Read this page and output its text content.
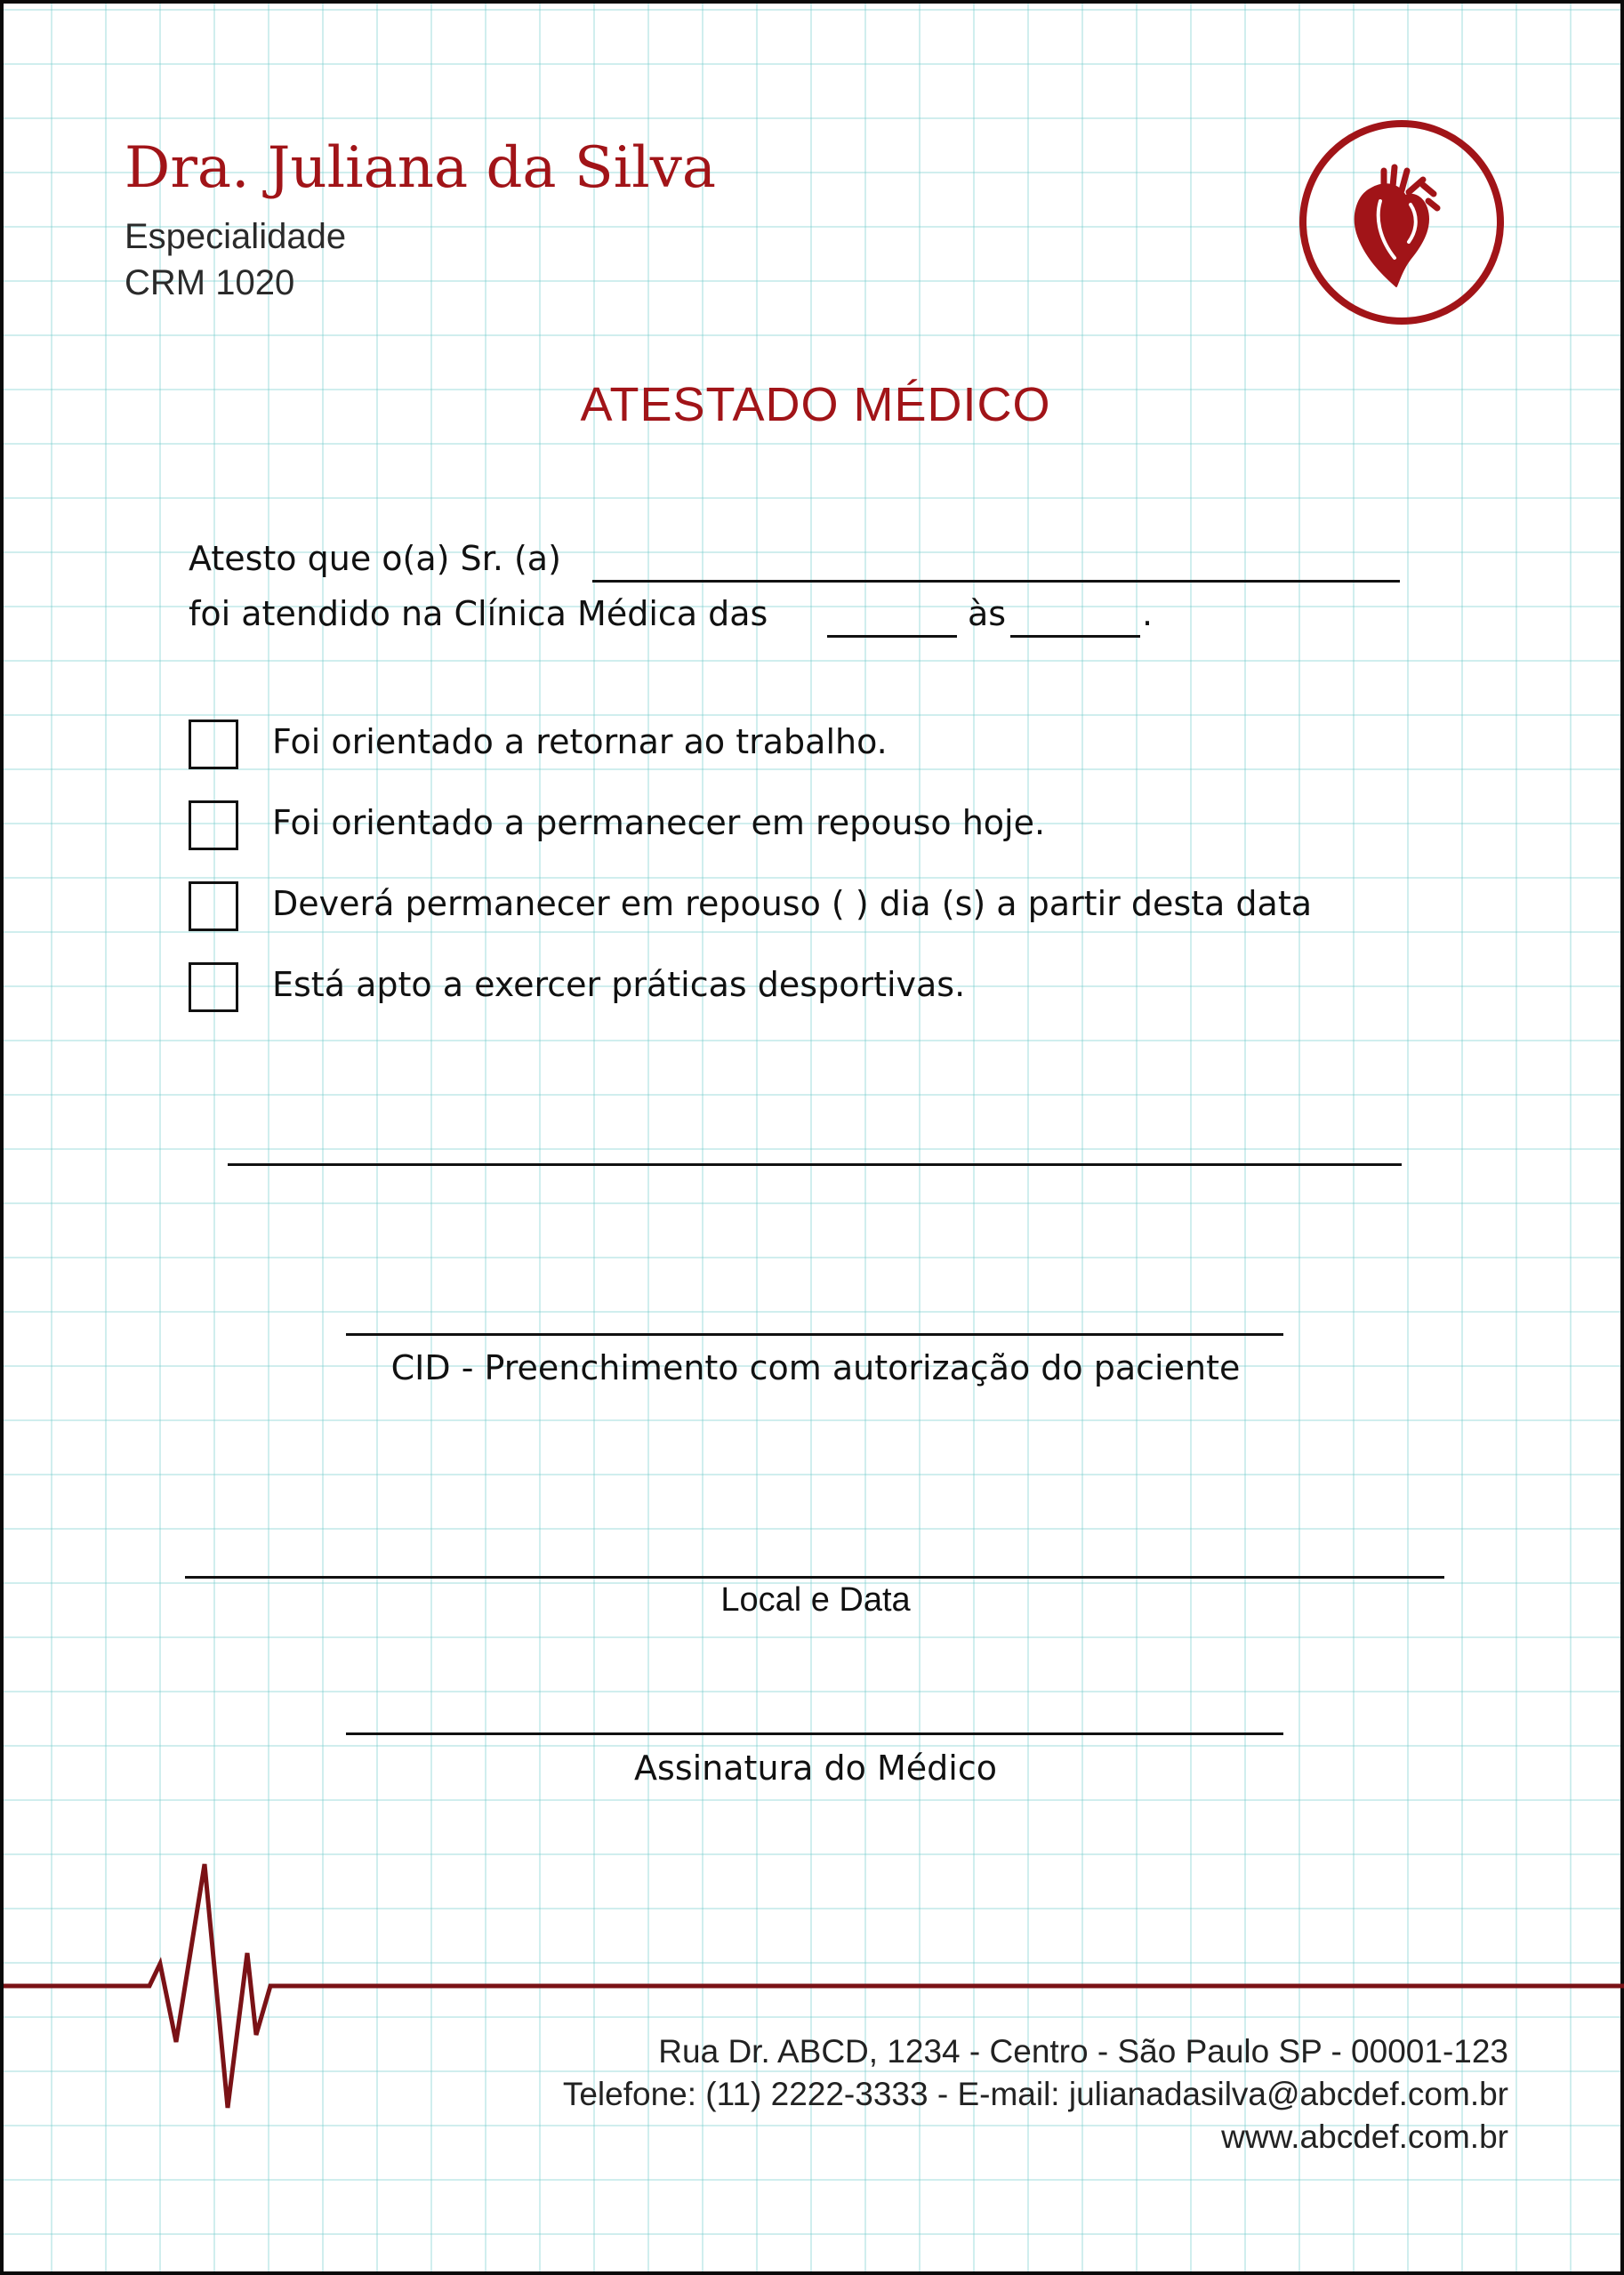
Dra. Juliana da Silva
Especialidade
CRM 1020
ATESTADO MÉDICO
Atesto que o(a) Sr. (a)
foi atendido na Clínica Médica das	às	.
Foi orientado a retornar ao trabalho.
Foi orientado a permanecer em repouso hoje.
Deverá permanecer em repouso ( ) dia (s) a partir desta data
Está apto a exercer práticas desportivas.
CID - Preenchimento com autorização do paciente
Local e Data
Assinatura do Médico
Rua Dr. ABCD, 1234 - Centro - São Paulo SP - 00001-123
Telefone: (11) 2222-3333 - E-mail: julianadasilva@abcdef.com.br
www.abcdef.com.br
